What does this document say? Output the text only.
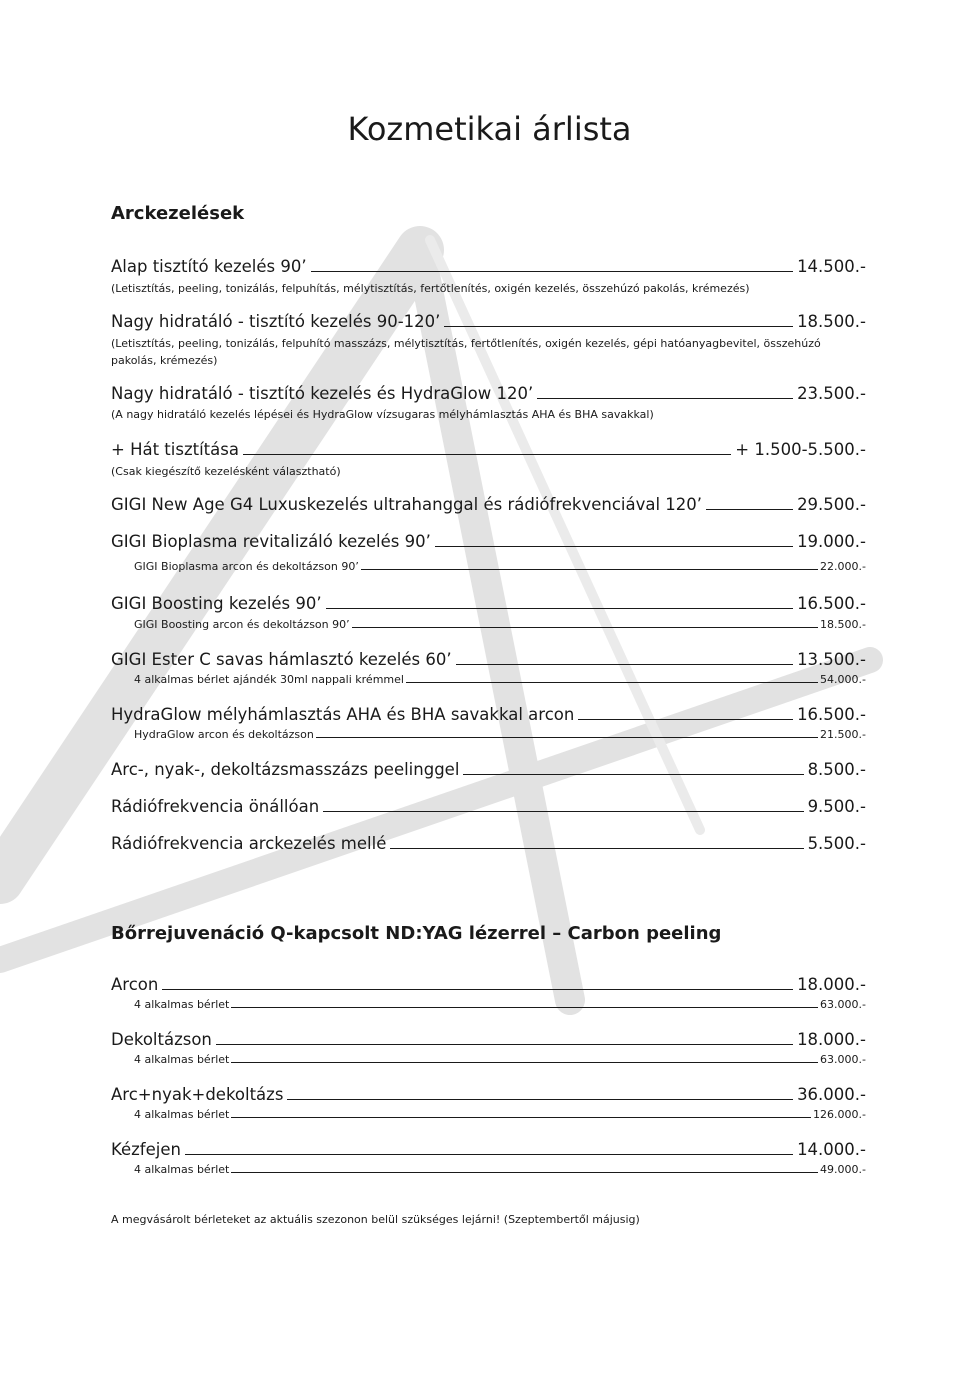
Kozmetikai árlista
Arckezelések
Alap tisztító kezelés 90’	14.500.-
(Letisztítás, peeling, tonizálás, felpuhítás, mélytisztítás, fertőtlenítés, oxigén kezelés, összehúzó pakolás, krémezés)
Nagy hidratáló - tisztító kezelés 90-120’	18.500.-
(Letisztítás, peeling, tonizálás, felpuhító masszázs, mélytisztítás, fertőtlenítés, oxigén kezelés, gépi hatóanyagbevitel, összehúzó pakolás, krémezés)
Nagy hidratáló - tisztító kezelés és HydraGlow 120’	23.500.-
(A nagy hidratáló kezelés lépései és HydraGlow vízsugaras mélyhámlasztás AHA és BHA savakkal)
+ Hát tisztítása	+ 1.500-5.500.-
(Csak kiegészítő kezelésként választható)
GIGI New Age G4 Luxuskezelés ultrahanggal és rádiófrekvenciával 120’	29.500.-
GIGI Bioplasma revitalizáló kezelés 90’	19.000.-
GIGI Bioplasma arcon és dekoltázson 90’	22.000.-
GIGI Boosting kezelés 90’	16.500.-
GIGI Boosting arcon és dekoltázson 90’	18.500.-
GIGI Ester C savas hámlasztó kezelés 60’	13.500.-
4 alkalmas bérlet ajándék 30ml nappali krémmel	54.000.-
HydraGlow mélyhámlasztás AHA és BHA savakkal arcon	16.500.-
HydraGlow arcon és dekoltázson	21.500.-
Arc-, nyak-, dekoltázsmasszázs peelinggel	8.500.-
Rádiófrekvencia önállóan	9.500.-
Rádiófrekvencia arckezelés mellé	5.500.-
Bőrrejuvenáció Q-kapcsolt ND:YAG lézerrel – Carbon peeling
Arcon	18.000.-
4 alkalmas bérlet	63.000.-
Dekoltázson	18.000.-
4 alkalmas bérlet	63.000.-
Arc+nyak+dekoltázs	36.000.-
4 alkalmas bérlet	126.000.-
Kézfejen	14.000.-
4 alkalmas bérlet	49.000.-
A megvásárolt bérleteket az aktuális szezonon belül szükséges lejárni! (Szeptembertől májusig)
